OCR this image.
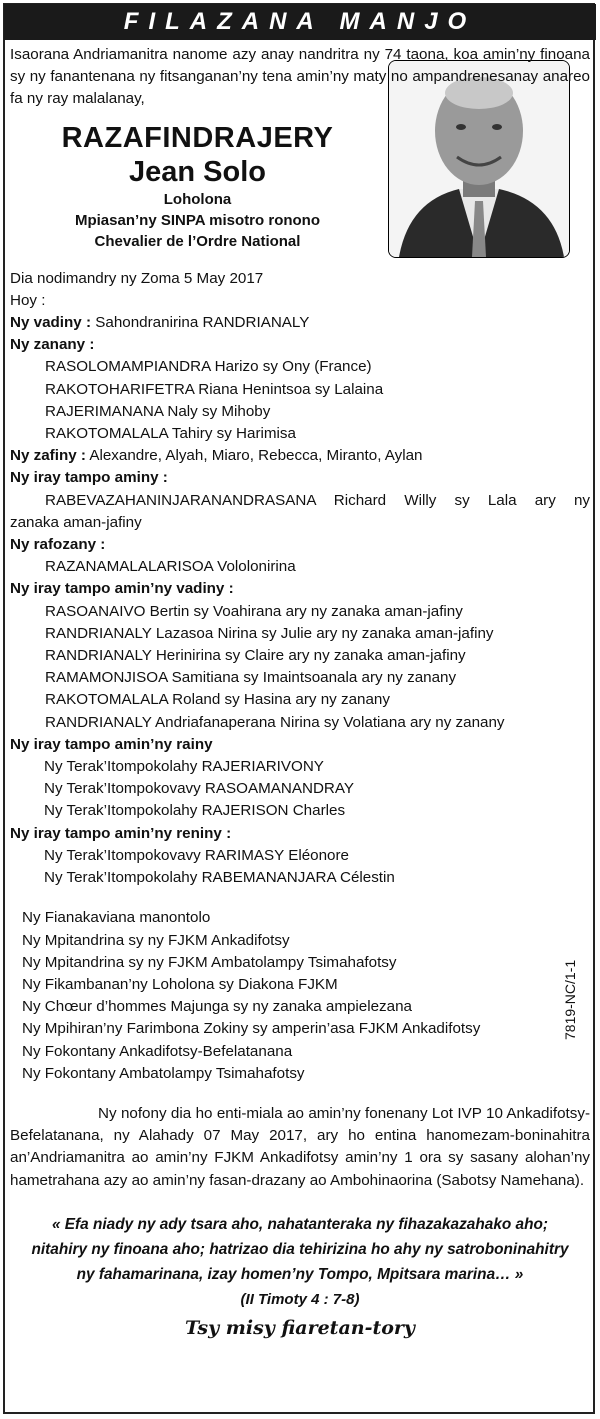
FILAZANA MANJO
7819-NC/1-1

Isaorana Andriamanitra nanome azy anay nandritra ny 74 taona, koa amin’ny finoana sy ny fanantenana ny fitsanganan’ny tena amin’ny maty no ampandrenesanay anareo fa ny ray malalanay,

RAZAFINDRAJERY
Jean Solo
Loholona
Mpiasan’ny SINPA misotro ronono
Chevalier de l’Ordre National
Dia nodimandry ny Zoma 5 May 2017
Hoy :
Ny vadiny : Sahondranirina RANDRIANALY
Ny zanany :
RASOLOMAMPIANDRA Harizo sy Ony (France)
RAKOTOHARIFETRA Riana Henintsoa sy Lalaina
RAJERIMANANA Naly sy Mihoby
RAKOTOMALALA Tahiry sy Harimisa
Ny zafiny : Alexandre, Alyah, Miaro, Rebecca, Miranto, Aylan
Ny iray tampo aminy :
RABEVAZAHANINJARANANDRASANA Richard Willy sy Lala ary ny
zanaka aman-jafiny
Ny rafozany :
RAZANAMALALARISOA Vololonirina
Ny iray tampo amin’ny vadiny :
RASOANAIVO Bertin sy Voahirana ary ny zanaka aman-jafiny
RANDRIANALY Lazasoa Nirina sy Julie ary ny zanaka aman-jafiny
RANDRIANALY Herinirina sy Claire ary ny zanaka aman-jafiny
RAMAMONJISOA Samitiana sy Imaintsoanala ary ny zanany
RAKOTOMALALA Roland sy Hasina ary ny zanany
RANDRIANALY Andriafanaperana Nirina sy Volatiana ary ny zanany
Ny iray tampo amin’ny rainy
Ny Terak’Itompokolahy RAJERIARIVONY
Ny Terak’Itompokovavy RASOAMANANDRAY
Ny Terak’Itompokolahy RAJERISON Charles
Ny iray tampo amin’ny reniny :
Ny Terak’Itompokovavy RARIMASY Eléonore
Ny Terak’Itompokolahy RABEMANANJARA Célestin
Ny Fianakaviana manontolo
Ny Mpitandrina sy ny FJKM Ankadifotsy
Ny Mpitandrina sy ny FJKM Ambatolampy Tsimahafotsy
Ny Fikambanan’ny Loholona sy Diakona FJKM
Ny Chœur d’hommes Majunga sy ny zanaka ampielezana
Ny Mpihiran’ny Farimbona Zokiny sy amperin’asa FJKM Ankadifotsy
Ny Fokontany Ankadifotsy-Befelatanana
Ny Fokontany Ambatolampy Tsimahafotsy
Ny nofony dia ho enti-miala ao amin’ny fonenany Lot IVP 10 Ankadifotsy-Befelatanana, ny Alahady 07 May 2017, ary ho entina hanomezam-boninahitra an’Andriamanitra ao amin’ny FJKM Ankadifotsy amin’ny 1 ora sy sasany alohan’ny hametrahana azy ao amin’ny fasan-drazany ao Ambohinaorina (Sabotsy Namehana).
« Efa niady ny ady tsara aho, nahatanteraka ny fihazakazahako aho;
nitahiry ny finoana aho; hatrizao dia tehirizina ho ahy ny satroboninahitry
ny fahamarinana, izay homen’ny Tompo, Mpitsara marina… »
(II Timoty 4 : 7-8)
Tsy misy fiaretan-tory
